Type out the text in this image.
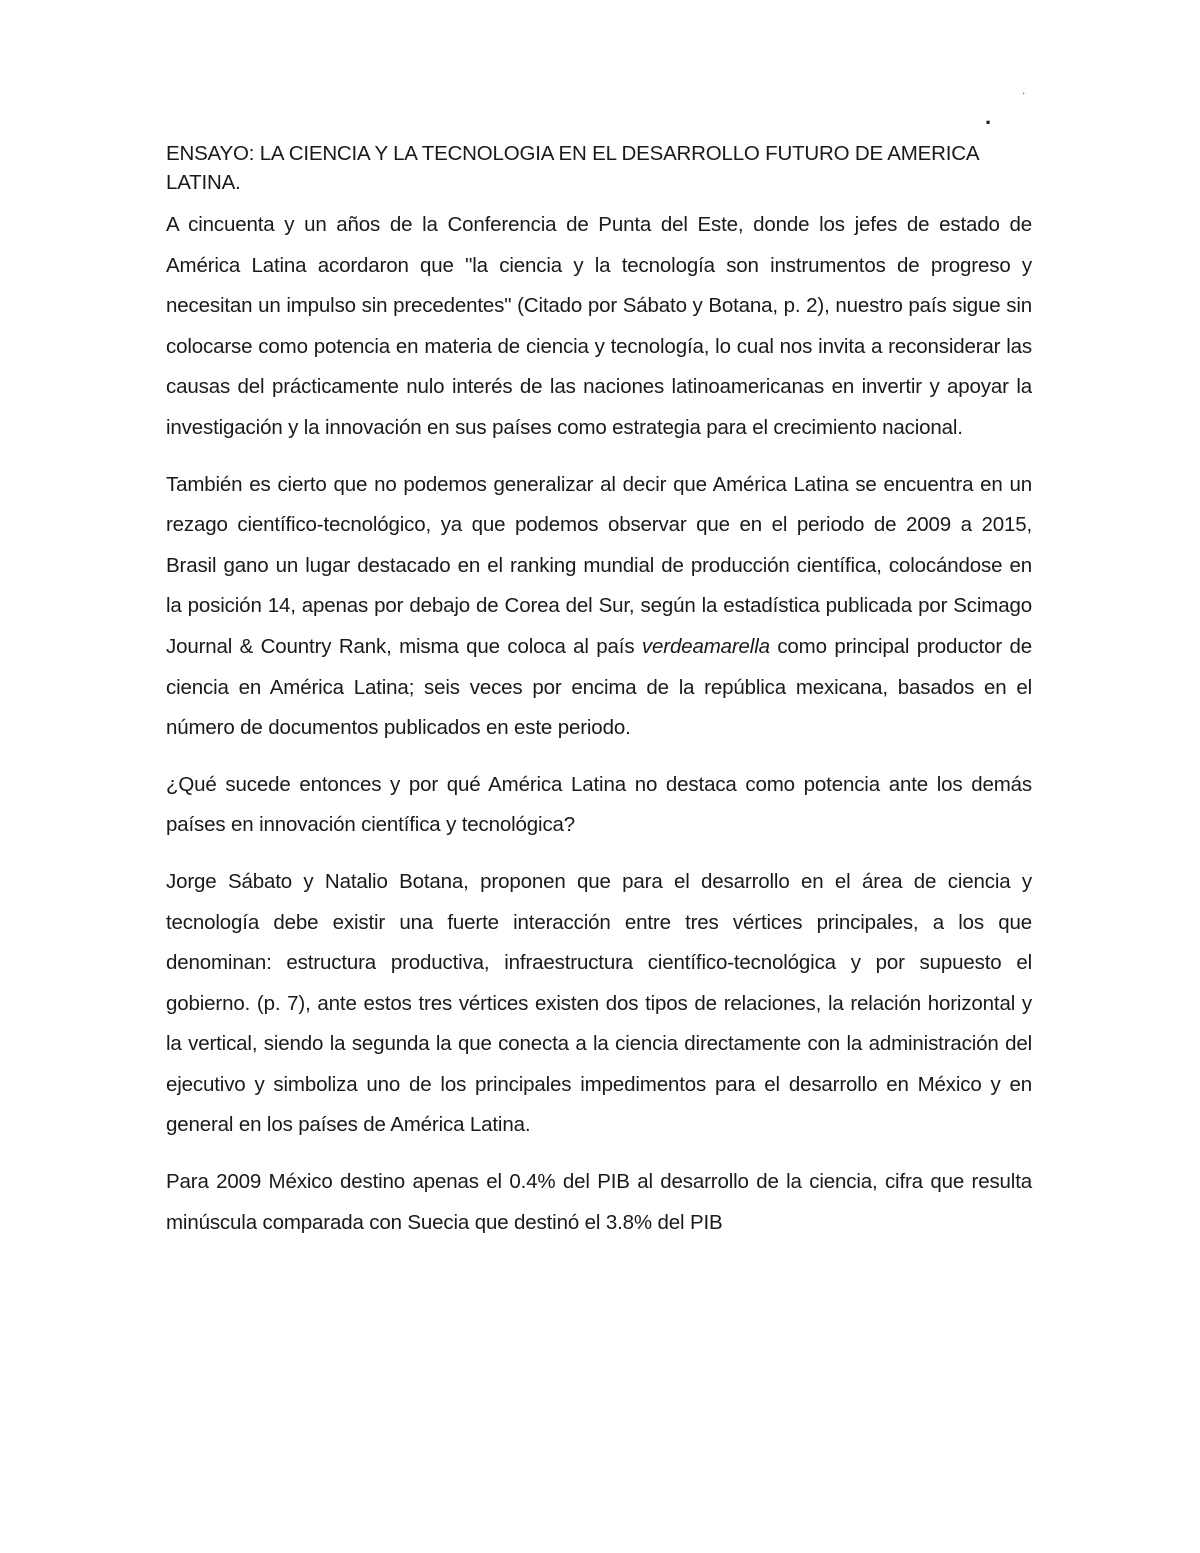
.
.
ENSAYO: LA CIENCIA Y LA TECNOLOGIA EN EL DESARROLLO FUTURO DE AMERICA LATINA.

A cincuenta y un años de la Conferencia de Punta del Este, donde los jefes de estado de América Latina acordaron que "la ciencia y la tecnología son instrumentos de progreso y necesitan un impulso sin precedentes" (Citado por Sábato y Botana, p. 2), nuestro país sigue sin colocarse como potencia en materia de ciencia y tecnología, lo cual nos invita a reconsiderar las causas del prácticamente nulo interés de las naciones latinoamericanas en invertir y apoyar la investigación y la innovación en sus países como estrategia para el crecimiento nacional.

También es cierto que no podemos generalizar al decir que América Latina se encuentra en un rezago científico-tecnológico, ya que podemos observar que en el periodo de 2009 a 2015, Brasil gano un lugar destacado en el ranking mundial de producción científica, colocándose en la posición 14, apenas por debajo de Corea del Sur, según la estadística publicada por Scimago Journal & Country Rank, misma que coloca al país verdeamarella como principal productor de ciencia en América Latina; seis veces por encima de la república mexicana, basados en el número de documentos publicados en este periodo.

¿Qué sucede entonces y por qué América Latina no destaca como potencia ante los demás países en innovación científica y tecnológica?

Jorge Sábato y Natalio Botana, proponen que para el desarrollo en el área de ciencia y tecnología debe existir una fuerte interacción entre tres vértices principales, a los que denominan: estructura productiva, infraestructura científico-tecnológica y por supuesto el gobierno. (p. 7), ante estos tres vértices existen dos tipos de relaciones, la relación horizontal y la vertical, siendo la segunda la que conecta a la ciencia directamente con la administración del ejecutivo y simboliza uno de los principales impedimentos para el desarrollo en México y en general en los países de América Latina.

Para 2009 México destino apenas el 0.4% del PIB al desarrollo de la ciencia, cifra que resulta minúscula comparada con Suecia que destinó el 3.8% del PIB
